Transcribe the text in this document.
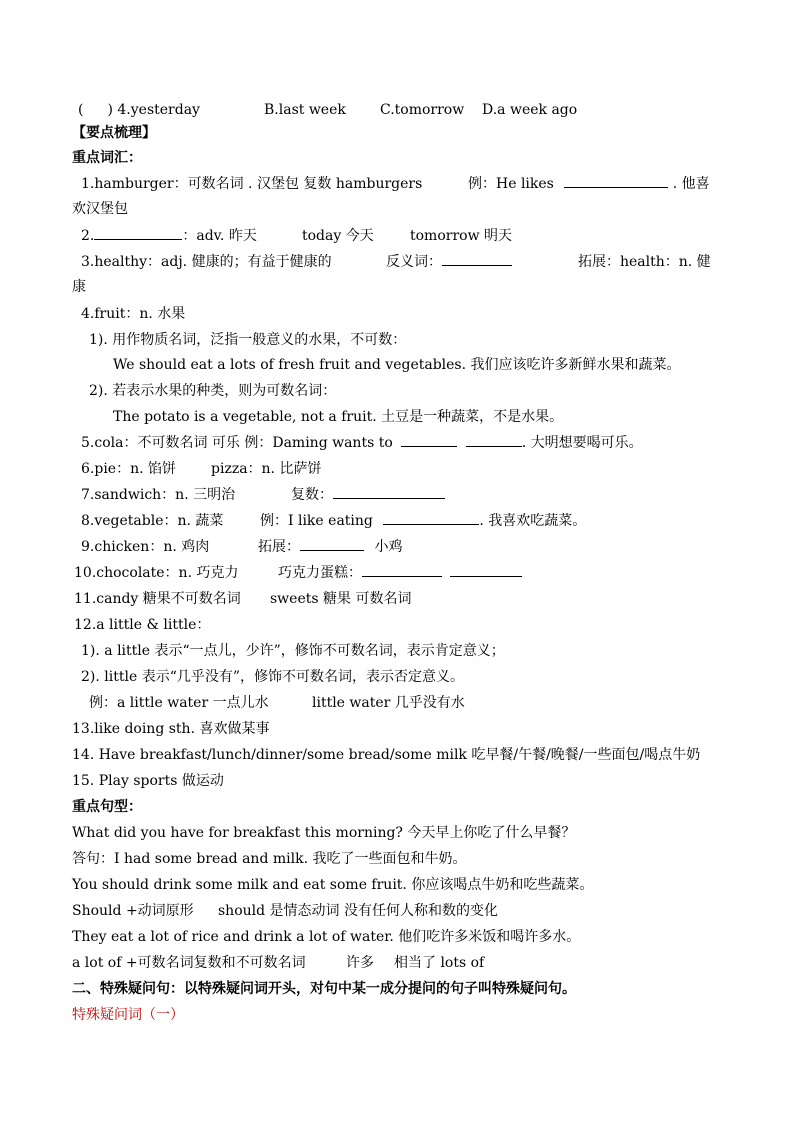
( ) 4.yesterday	B.last week C.tomorrow D.a week ago
【要点梳理】
重点词汇：
1.hamburger：可数名词 . 汉堡包 复数 hamburgers	例：He likes	. 他喜
欢汉堡包
2.	：adv. 昨天	today 今天	tomorrow 明天
3.healthy：adj. 健康的；有益于健康的	反义词：	拓展：health：n. 健
康
4.fruit：n. 水果
1). 用作物质名词，泛指一般意义的水果，不可数：
We should eat a lots of fresh fruit and vegetables. 我们应该吃许多新鲜水果和蔬菜。
2). 若表示水果的种类，则为可数名词：
The potato is a vegetable, not a fruit. 土豆是一种蔬菜，不是水果。
5.cola：不可数名词 可乐 例：Daming wants to	. 大明想要喝可乐。
6.pie：n. 馅饼	pizza：n. 比萨饼
7.sandwich：n. 三明治	复数：
8.vegetable：n. 蔬菜	例：I like eating	. 我喜欢吃蔬菜。
9.chicken：n. 鸡肉	拓展：	小鸡
10.chocolate：n. 巧克力	巧克力蛋糕：
11.candy 糖果不可数名词 sweets 糖果 可数名词
12.a little & little：
1). a little 表示“一点儿，少许”，修饰不可数名词，表示肯定意义；
2). little 表示“几乎没有”，修饰不可数名词，表示否定意义。
例：a little water 一点儿水	little water 几乎没有水
13.like doing sth. 喜欢做某事
14. Have breakfast/lunch/dinner/some bread/some milk 吃早餐/午餐/晚餐/一些面包/喝点牛奶
15. Play sports 做运动
重点句型：
What did you have for breakfast this morning? 今天早上你吃了什么早餐？
答句：I had some bread and milk. 我吃了一些面包和牛奶。
You should drink some milk and eat some fruit. 你应该喝点牛奶和吃些蔬菜。
Should +动词原形 should 是情态动词 没有任何人称和数的变化
They eat a lot of rice and drink a lot of water. 他们吃许多米饭和喝许多水。
a lot of +可数名词复数和不可数名词	许多 相当了 lots of
二、特殊疑问句：以特殊疑问词开头，对句中某一成分提问的句子叫特殊疑问句。
特殊疑问词（一）
